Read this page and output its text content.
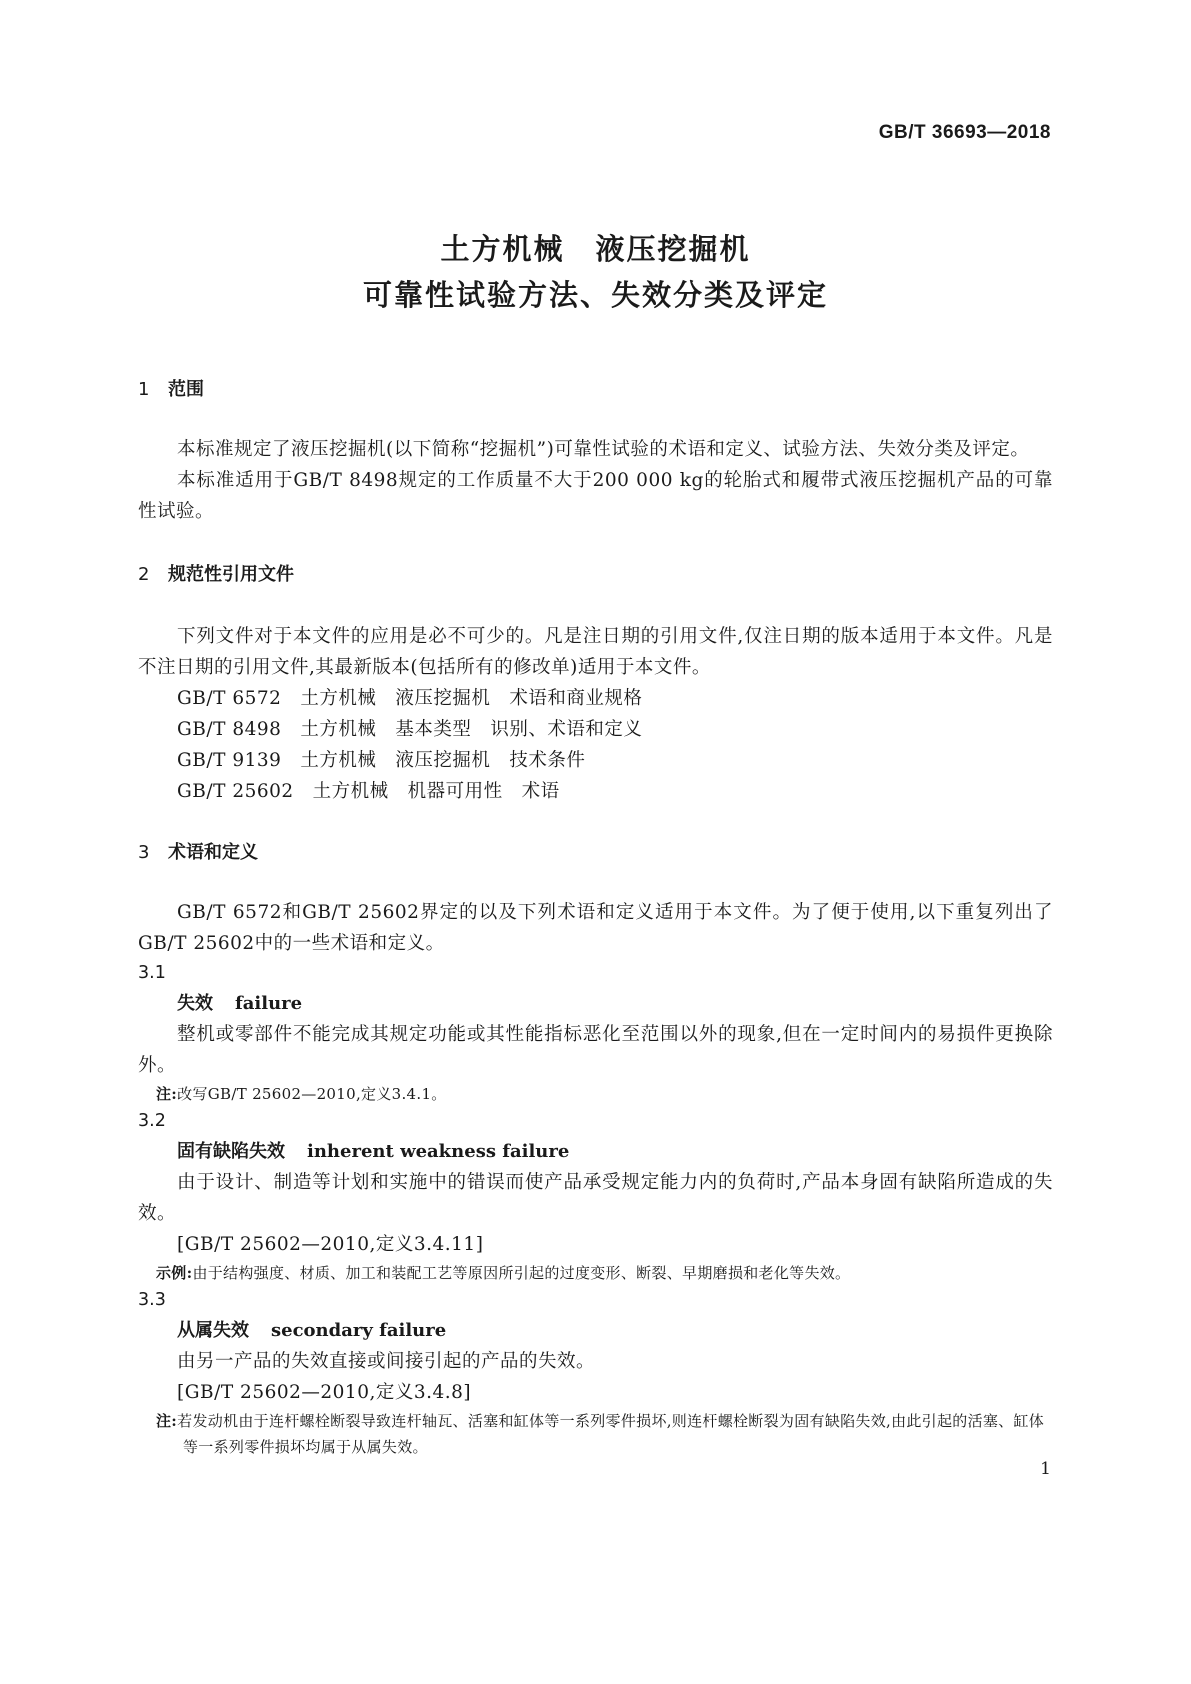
GB/T 36693—2018
土方机械　液压挖掘机
可靠性试验方法、失效分类及评定
1 范围

本标准规定了液压挖掘机(以下简称“挖掘机”)可靠性试验的术语和定义、试验方法、失效分类及评定。

本标准适用于GB/T 8498规定的工作质量不大于200 000 kg的轮胎式和履带式液压挖掘机产品的可靠性试验。

2 规范性引用文件

下列文件对于本文件的应用是必不可少的。凡是注日期的引用文件,仅注日期的版本适用于本文件。凡是不注日期的引用文件,其最新版本(包括所有的修改单)适用于本文件。

GB/T 6572　土方机械　液压挖掘机　术语和商业规格
GB/T 8498　土方机械　基本类型　识别、术语和定义
GB/T 9139　土方机械　液压挖掘机　技术条件
GB/T 25602　土方机械　机器可用性　术语
3 术语和定义

GB/T 6572和GB/T 25602界定的以及下列术语和定义适用于本文件。为了便于使用,以下重复列出了GB/T 25602中的一些术语和定义。

3.1
失效 failure

整机或零部件不能完成其规定功能或其性能指标恶化至范围以外的现象,但在一定时间内的易损件更换除外。

注:改写GB/T 25602—2010,定义3.4.1。
3.2
固有缺陷失效 inherent weakness failure

由于设计、制造等计划和实施中的错误而使产品承受规定能力内的负荷时,产品本身固有缺陷所造成的失效。

[GB/T 25602—2010,定义3.4.11]
示例:由于结构强度、材质、加工和装配工艺等原因所引起的过度变形、断裂、早期磨损和老化等失效。
3.3
从属失效 secondary failure

由另一产品的失效直接或间接引起的产品的失效。

[GB/T 25602—2010,定义3.4.8]
注:若发动机由于连杆螺栓断裂导致连杆轴瓦、活塞和缸体等一系列零件损坏,则连杆螺栓断裂为固有缺陷失效,由此引起的活塞、缸体等一系列零件损坏均属于从属失效。
1
